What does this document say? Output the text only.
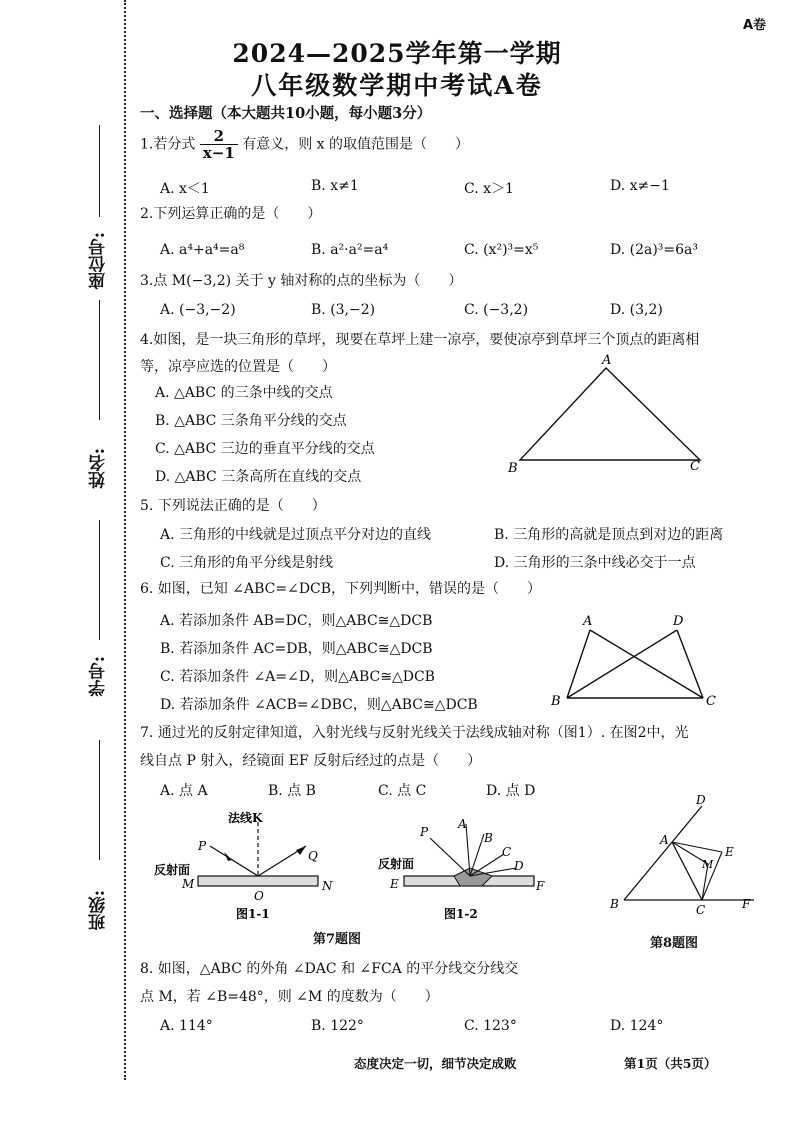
A卷
2024—2025学年第一学期
八年级数学期中考试A卷
座位号:
姓名:
学号:
班级:
一、选择题（本大题共10小题，每小题3分）
1.若分式 $\frac{2}{x-1}$ 有意义，则 x 的取值范围是（　　）
A. x＜1	B. x≠1	C. x＞1	D. x≠−1
2.下列运算正确的是（　　）
A. a⁴+a⁴=a⁸	B. a²·a²=a⁴	C. (x²)³=x⁵	D. (2a)³=6a³
3.点 M(−3,2) 关于 y 轴对称的点的坐标为（　　）
A. (−3,−2)	B. (3,−2)	C. (−3,2)	D. (3,2)
4.如图，是一块三角形的草坪，现要在草坪上建一凉亭，要使凉亭到草坪三个顶点的距离相
等，凉亭应选的位置是（　　）
A. △ABC 的三条中线的交点
B. △ABC 三条角平分线的交点
C. △ABC 三边的垂直平分线的交点
D. △ABC 三条高所在直线的交点
A
B	C
5. 下列说法正确的是（　　）
A. 三角形的中线就是过顶点平分对边的直线	B. 三角形的高就是顶点到对边的距离
C. 三角形的角平分线是射线	D. 三角形的三条中线必交于一点
6. 如图，已知 ∠ABC=∠DCB，下列判断中，错误的是（　　）
A. 若添加条件 AB=DC，则△ABC≅△DCB
B. 若添加条件 AC=DB，则△ABC≅△DCB
C. 若添加条件 ∠A=∠D，则△ABC≅△DCB
D. 若添加条件 ∠ACB=∠DBC，则△ABC≅△DCB
A	D
B	C
7. 通过光的反射定律知道，入射光线与反射光线关于法线成轴对称（图1）. 在图2中，光
线自点 P 射入，经镜面 EF 反射后经过的点是（　　）
A. 点 A	B. 点 B	C. 点 C	D. 点 D
法线K
P
Q
反射面
M	N
O
图1-1
P
A
B
C
D
反射面
E	F
图1-2
第7题图
D
A
M
E
B	C	F
第8题图
8. 如图，△ABC 的外角 ∠DAC 和 ∠FCA 的平分线交分线交
点 M，若 ∠B=48°，则 ∠M 的度数为（　　）
A. 114°	B. 122°	C. 123°	D. 124°
态度决定一切，细节决定成败	第1页（共5页）
